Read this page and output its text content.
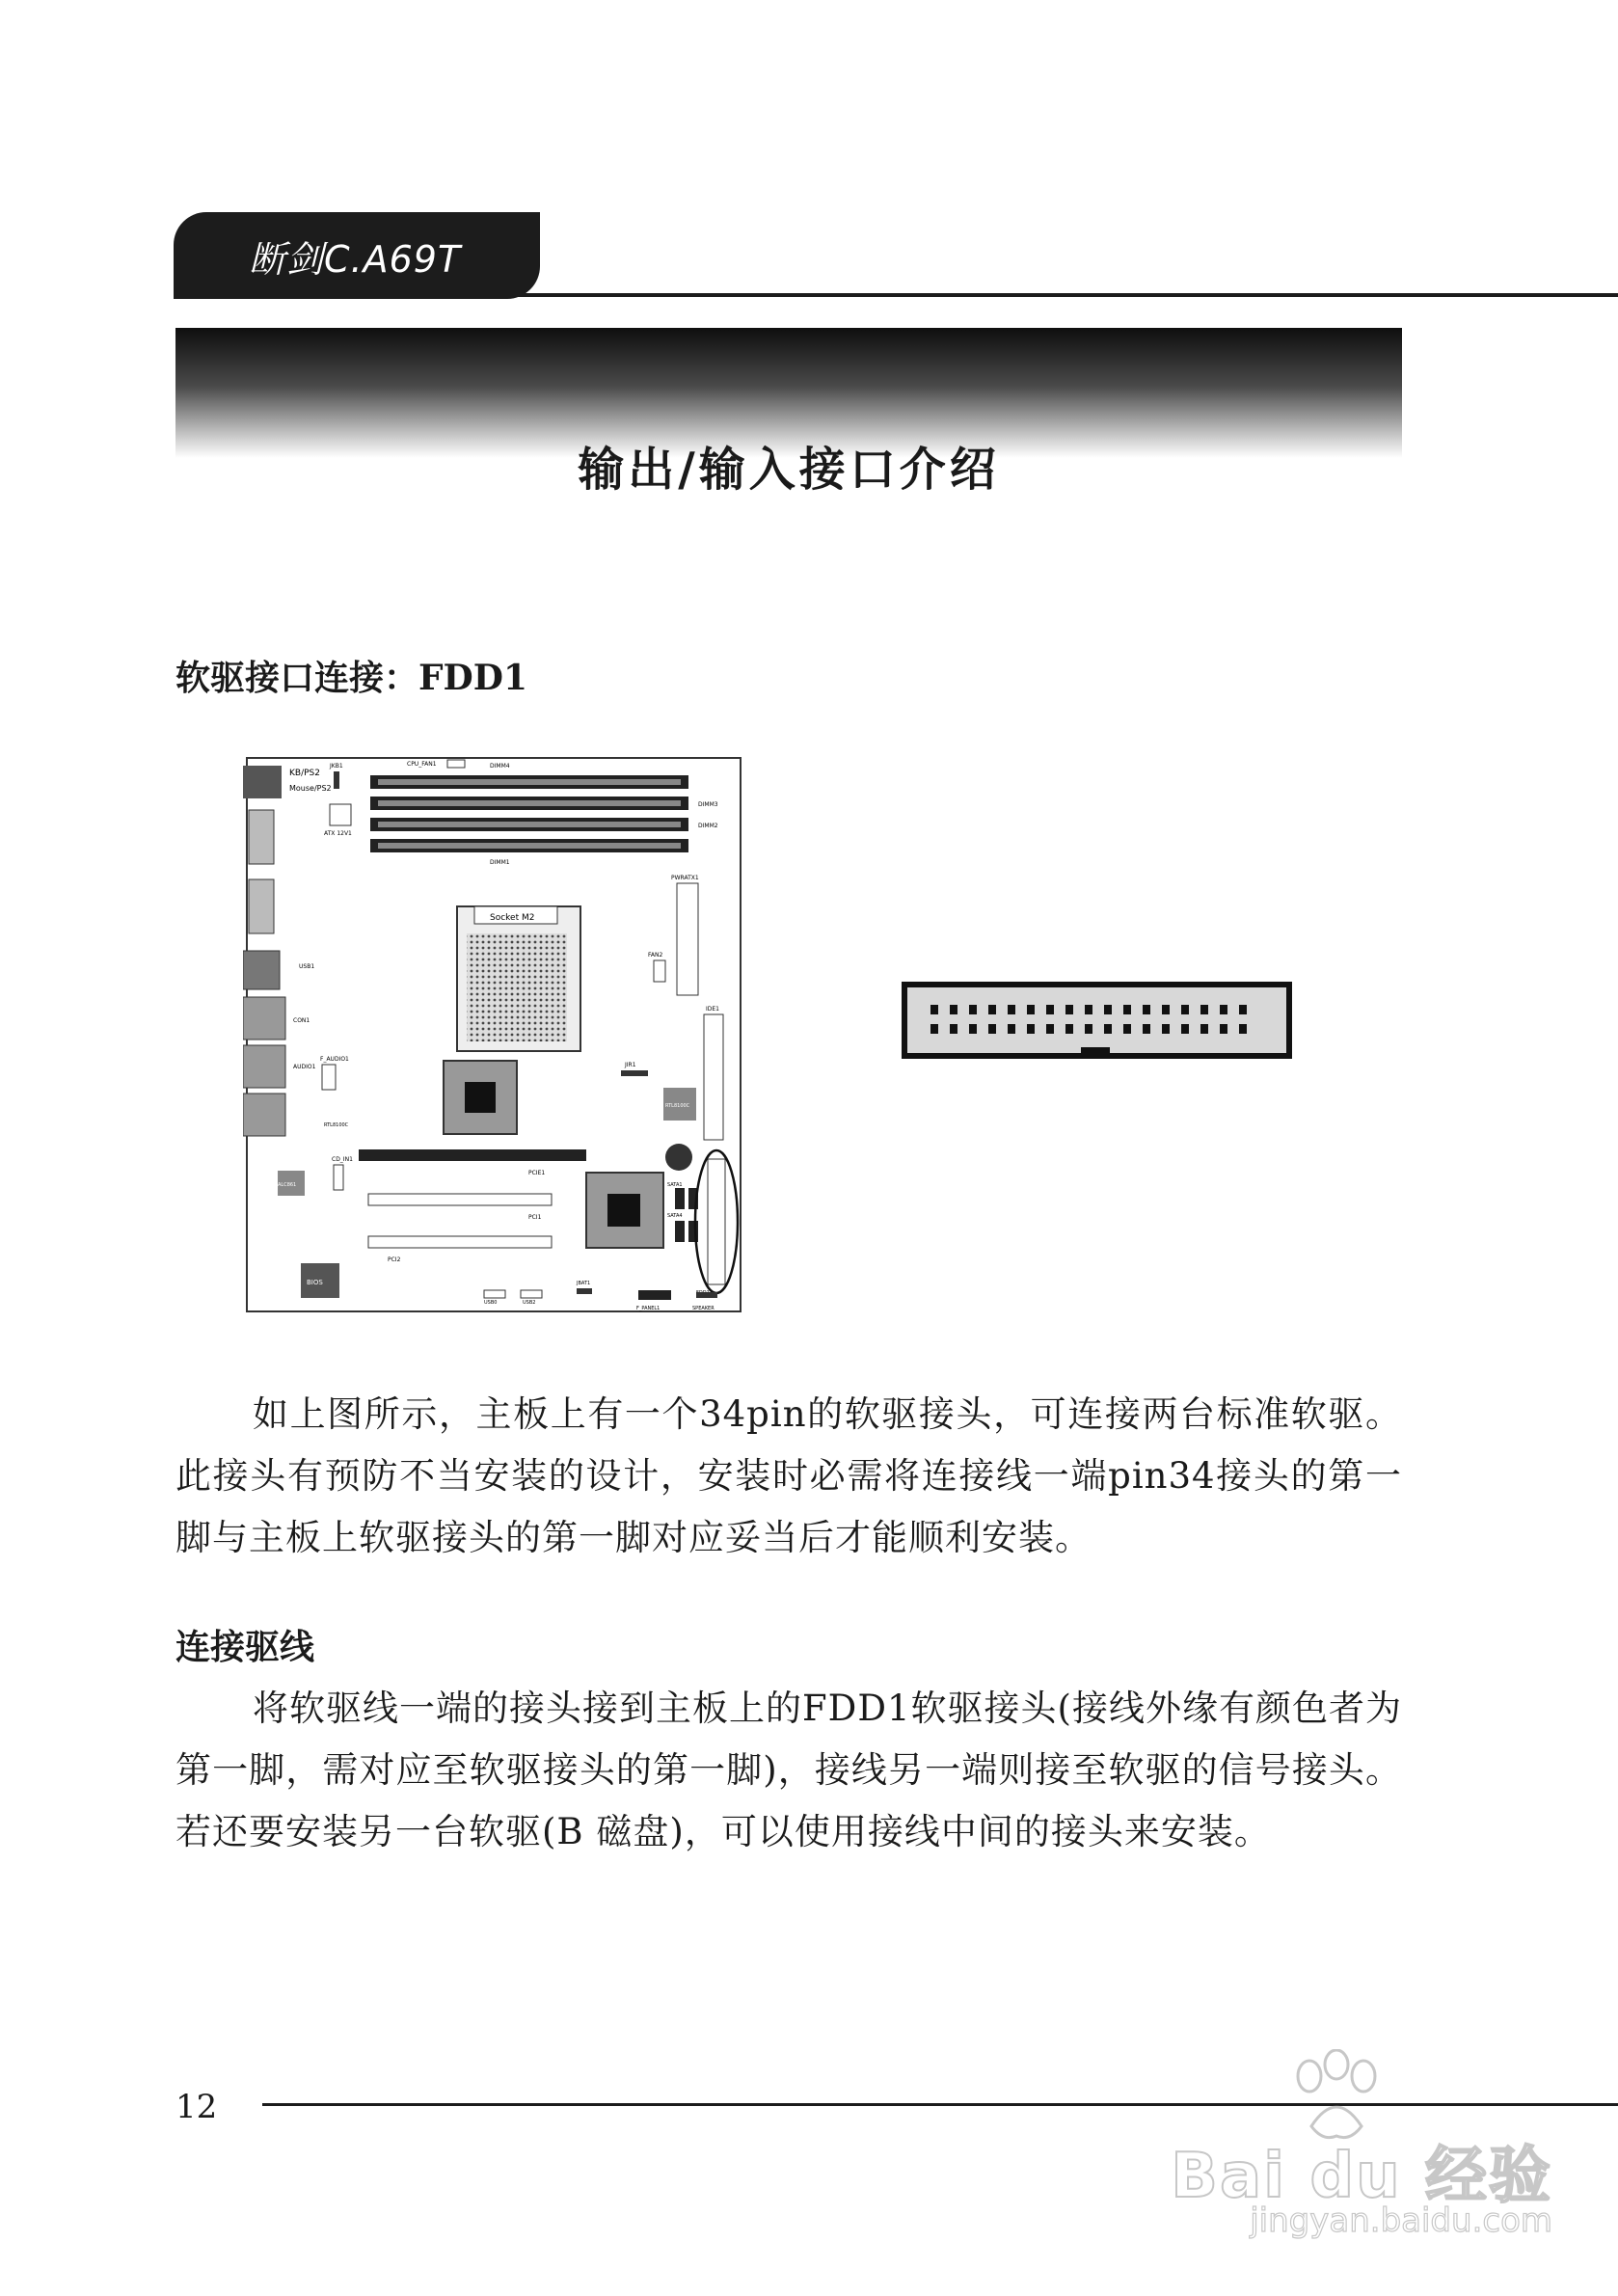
断剑C.A69T
输出/输入接口介绍
软驱接口连接：FDD1
KB/PS2
Mouse/PS2
JKB1	CPU_FAN1
ATX 12V1
DIMM4
DIMM3
DIMM2
DIMM1
Socket M2
PWRATX1
FAN2
USB1
CON1
AUDIO1
F_AUDIO1
IDE1
JIR1
RTL8100C
PCIE1
PCI1
PCI2
RTL8100C
CD_IN1
ALC861	SATA1
SATA4
BIOS
USB0	USB2
JBAT1
F_PANEL1	SPEAKER
如上图所示，主板上有一个34pin的软驱接头，可连接两台标准软驱。此接头有预防不当安装的设计，安装时必需将连接线一端pin34接头的第一脚与主板上软驱接头的第一脚对应妥当后才能顺利安装。
连接驱线
将软驱线一端的接头接到主板上的FDD1软驱接头(接线外缘有颜色者为第一脚，需对应至软驱接头的第一脚)，接线另一端则接至软驱的信号接头。若还要安装另一台软驱(B 磁盘)，可以使用接线中间的接头来安装。
12
Bai du 经验
jingyan.baidu.com
